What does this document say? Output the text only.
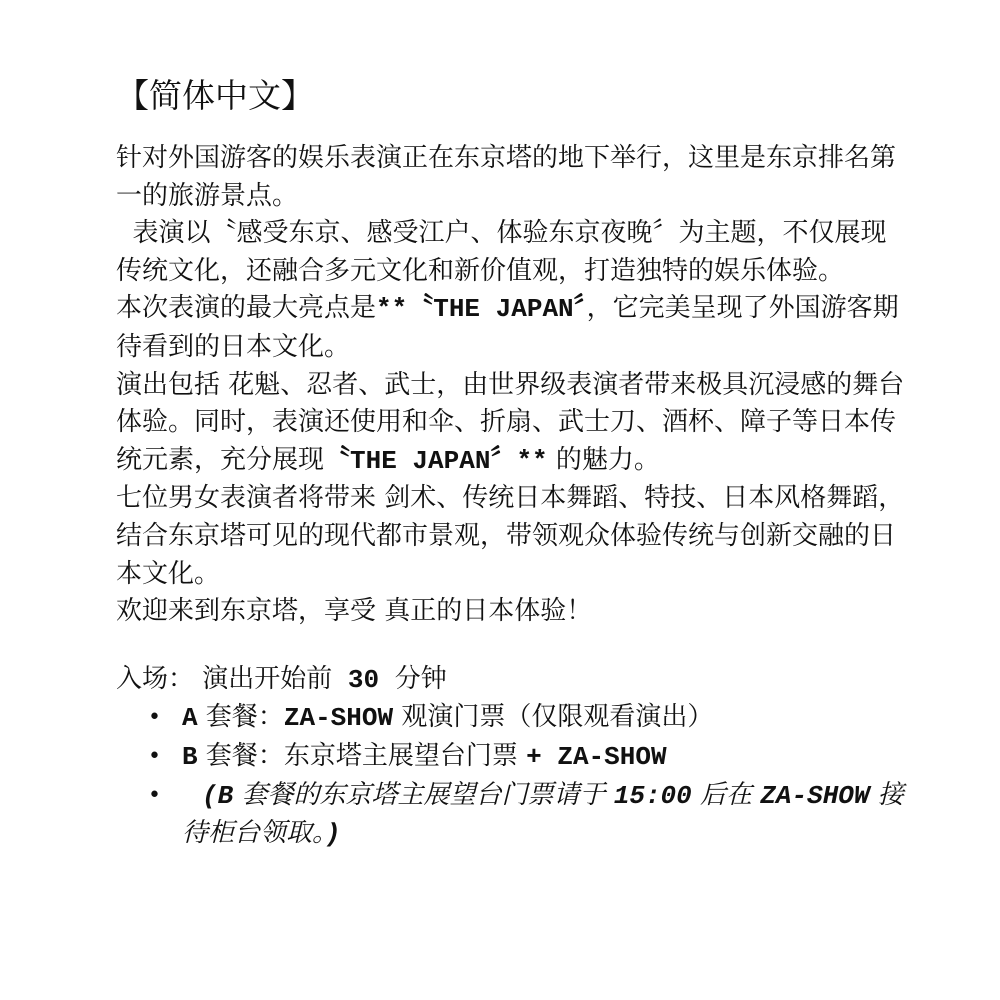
【简体中文】

针对外国游客的娱乐表演正在东京塔的地下举行，这里是东京排名第一的旅游景点。

表演以〝感受东京、感受江户、体验东京夜晚〞为主题，不仅展现传统文化，还融合多元文化和新价值观，打造独特的娱乐体验。

本次表演的最大亮点是**〝THE JAPAN〞，它完美呈现了外国游客期待看到的日本文化。

演出包括 花魁、忍者、武士，由世界级表演者带来极具沉浸感的舞台体验。同时，表演还使用和伞、折扇、武士刀、酒杯、障子等日本传统元素，充分展现〝THE JAPAN〞** 的魅力。

七位男女表演者将带来 剑术、传统日本舞蹈、特技、日本风格舞蹈，结合东京塔可见的现代都市景观，带领观众体验传统与创新交融的日本文化。

欢迎来到东京塔，享受 真正的日本体验！

入场： 演出开始前 30 分钟

• A 套餐：ZA-SHOW 观演门票（仅限观看演出）
• B 套餐：东京塔主展望台门票 + ZA-SHOW
• (B 套餐的东京塔主展望台门票请于 15:00 后在 ZA-SHOW 接待柜台领取。)
